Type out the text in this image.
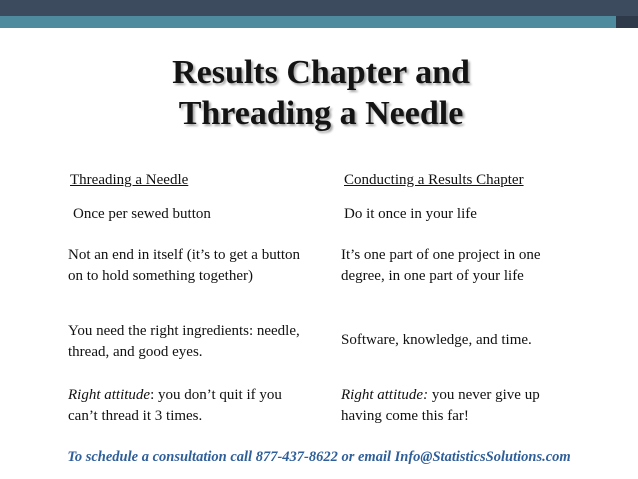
Results Chapter and
Threading a Needle
Threading a Needle	Conducting a Results Chapter
Once per sewed button	Do it once in your life
Not an end in itself (it’s to get a button on to hold something together)
It’s one part of one project in one degree, in one part of your life
You need the right ingredients: needle, thread, and good eyes.
Software, knowledge, and time.
Right attitude: you don’t quit if you can’t thread it 3 times.
Right attitude: you never give up having come this far!
To schedule a consultation call 877-437-8622 or email Info@StatisticsSolutions.com
